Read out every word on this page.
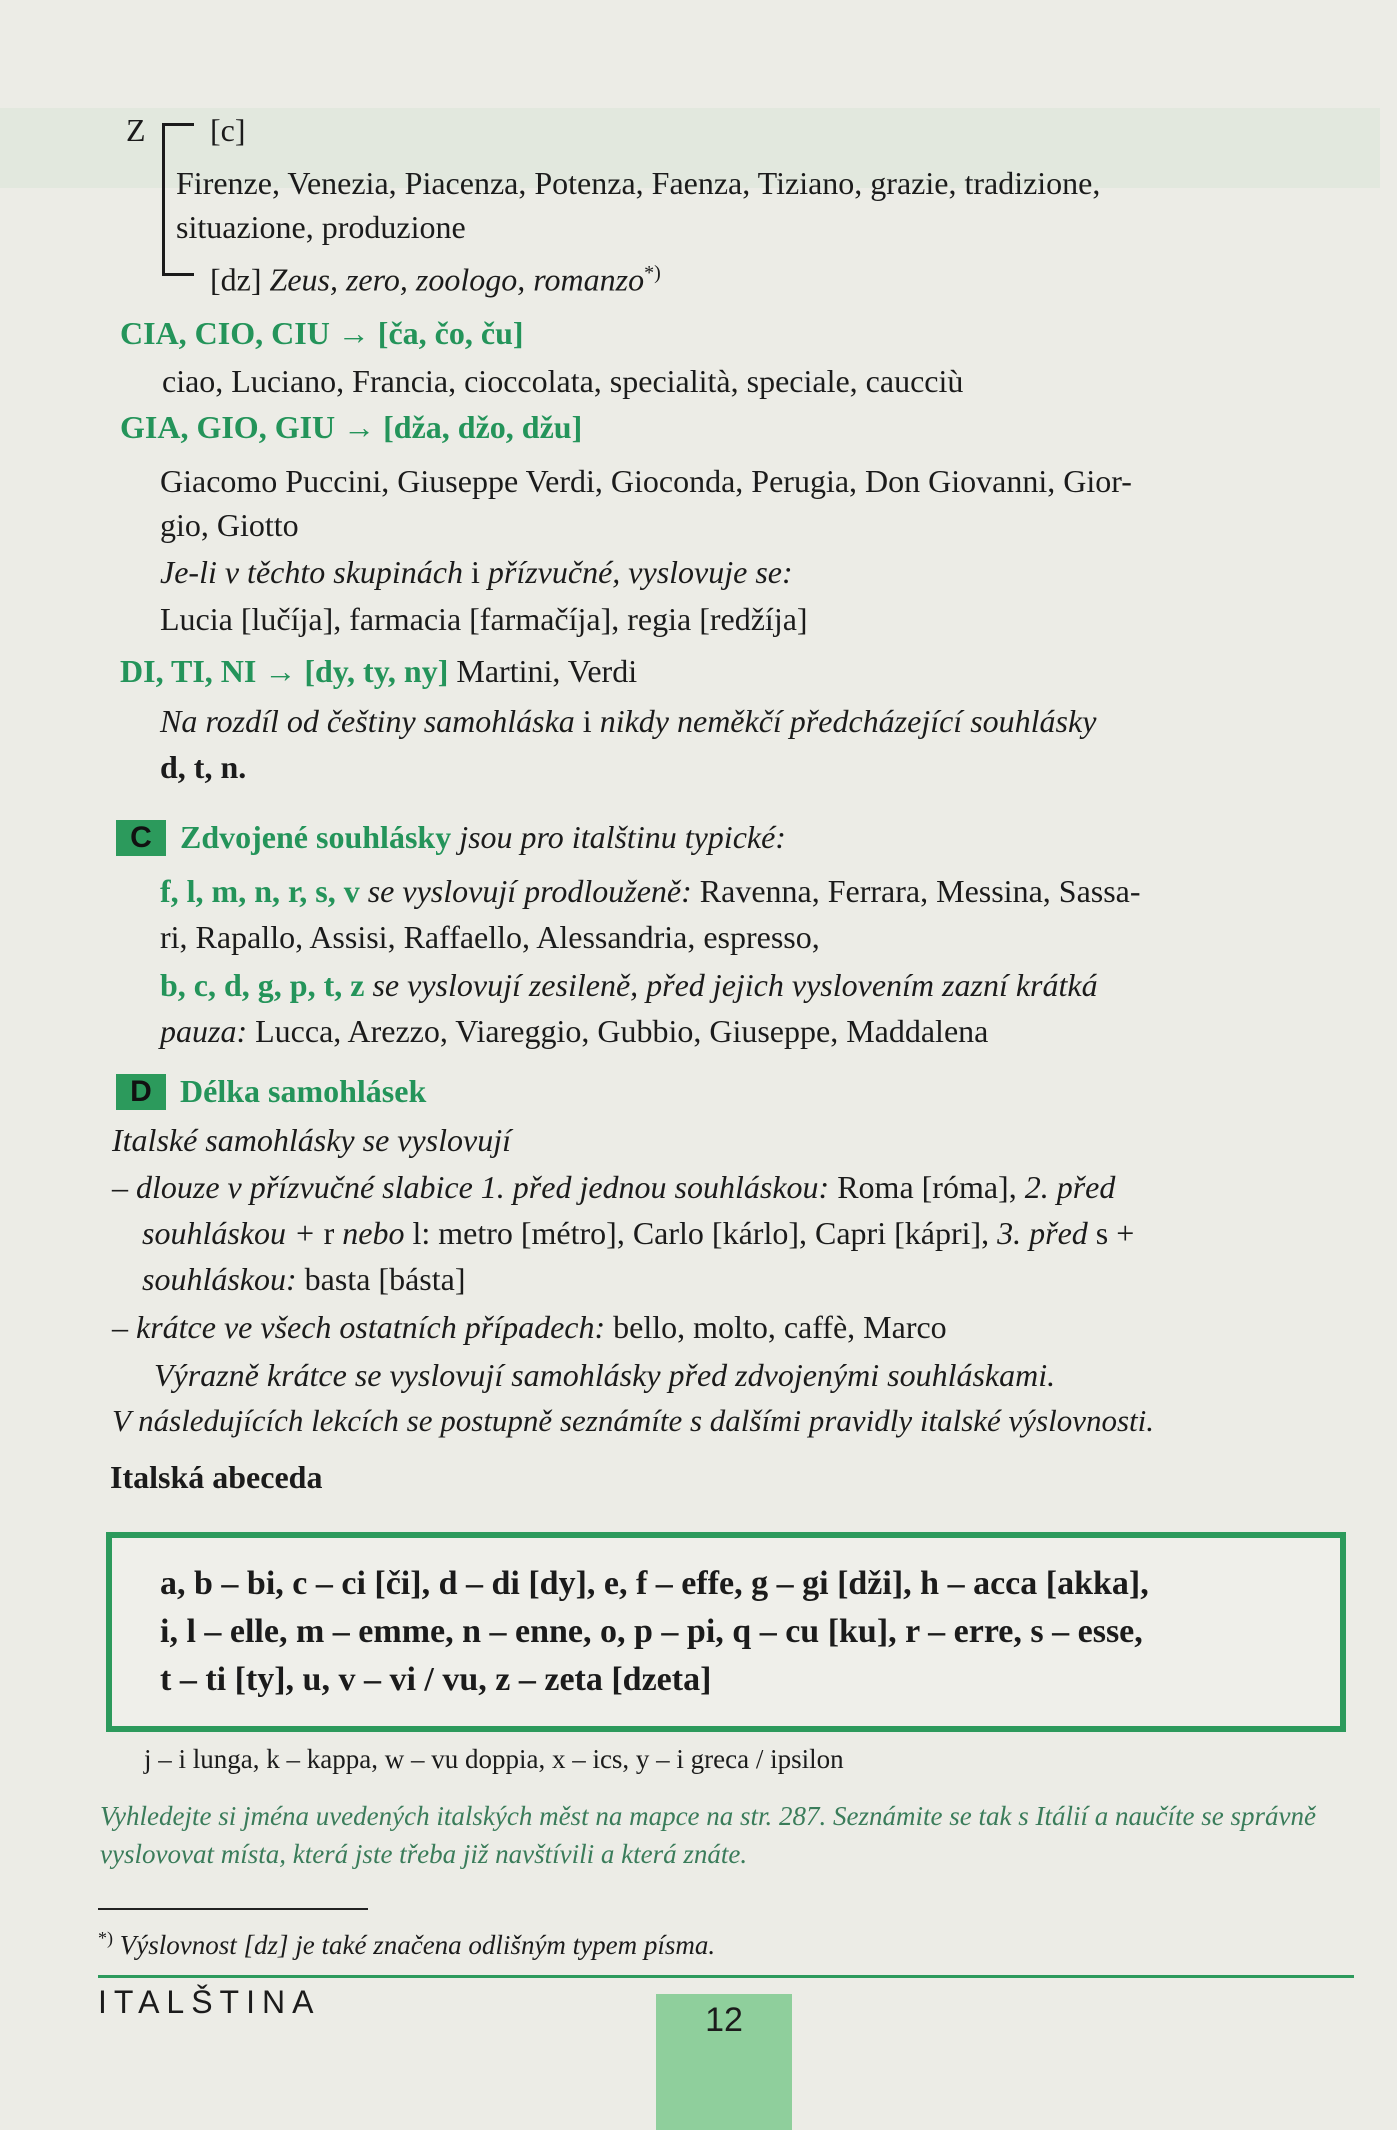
Z [c]
Firenze, Venezia, Piacenza, Potenza, Faenza, Tiziano, grazie, tradizione,
situazione, produzione
[dz] Zeus, zero, zoologo, romanzo*)
CIA, CIO, CIU → [ča, čo, ču]
ciao, Luciano, Francia, cioccolata, specialità, speciale, caucciù
GIA, GIO, GIU → [dža, džo, džu]
Giacomo Puccini, Giuseppe Verdi, Gioconda, Perugia, Don Giovanni, Gior-
gio, Giotto
Je-li v těchto skupinách i přízvučné, vyslovuje se:
Lucia [lučíja], farmacia [farmačíja], regia [redžíja]
DI, TI, NI → [dy, ty, ny] Martini, Verdi
Na rozdíl od češtiny samohláska i nikdy neměkčí předcházející souhlásky
d, t, n.
C Zdvojené souhlásky jsou pro italštinu typické:
f, l, m, n, r, s, v se vyslovují prodlouženě: Ravenna, Ferrara, Messina, Sassa-
ri, Rapallo, Assisi, Raffaello, Alessandria, espresso,
b, c, d, g, p, t, z se vyslovují zesileně, před jejich vyslovením zazní krátká
pauza: Lucca, Arezzo, Viareggio, Gubbio, Giuseppe, Maddalena
D Délka samohlásek
Italské samohlásky se vyslovují
– dlouze v přízvučné slabice 1. před jednou souhláskou: Roma [róma], 2. před
souhláskou + r nebo l: metro [métro], Carlo [kárlo], Capri [kápri], 3. před s +
souhláskou: basta [básta]
– krátce ve všech ostatních případech: bello, molto, caffè, Marco
Výrazně krátce se vyslovují samohlásky před zdvojenými souhláskami.
V následujících lekcích se postupně seznámíte s dalšími pravidly italské výslovnosti.
Italská abeceda
a, b – bi, c – ci [či], d – di [dy], e, f – effe, g – gi [dži], h – acca [akka],
i, l – elle, m – emme, n – enne, o, p – pi, q – cu [ku], r – erre, s – esse,
t – ti [ty], u, v – vi / vu, z – zeta [dzeta]
j – i lunga, k – kappa, w – vu doppia, x – ics, y – i greca / ipsilon
Vyhledejte si jména uvedených italských měst na mapce na str. 287. Seznámite se tak s Itálií a naučíte se správně vyslovovat místa, která jste třeba již navštívili a která znáte.
*) Výslovnost [dz] je také značena odlišným typem písma.
ITALŠTINA	12
